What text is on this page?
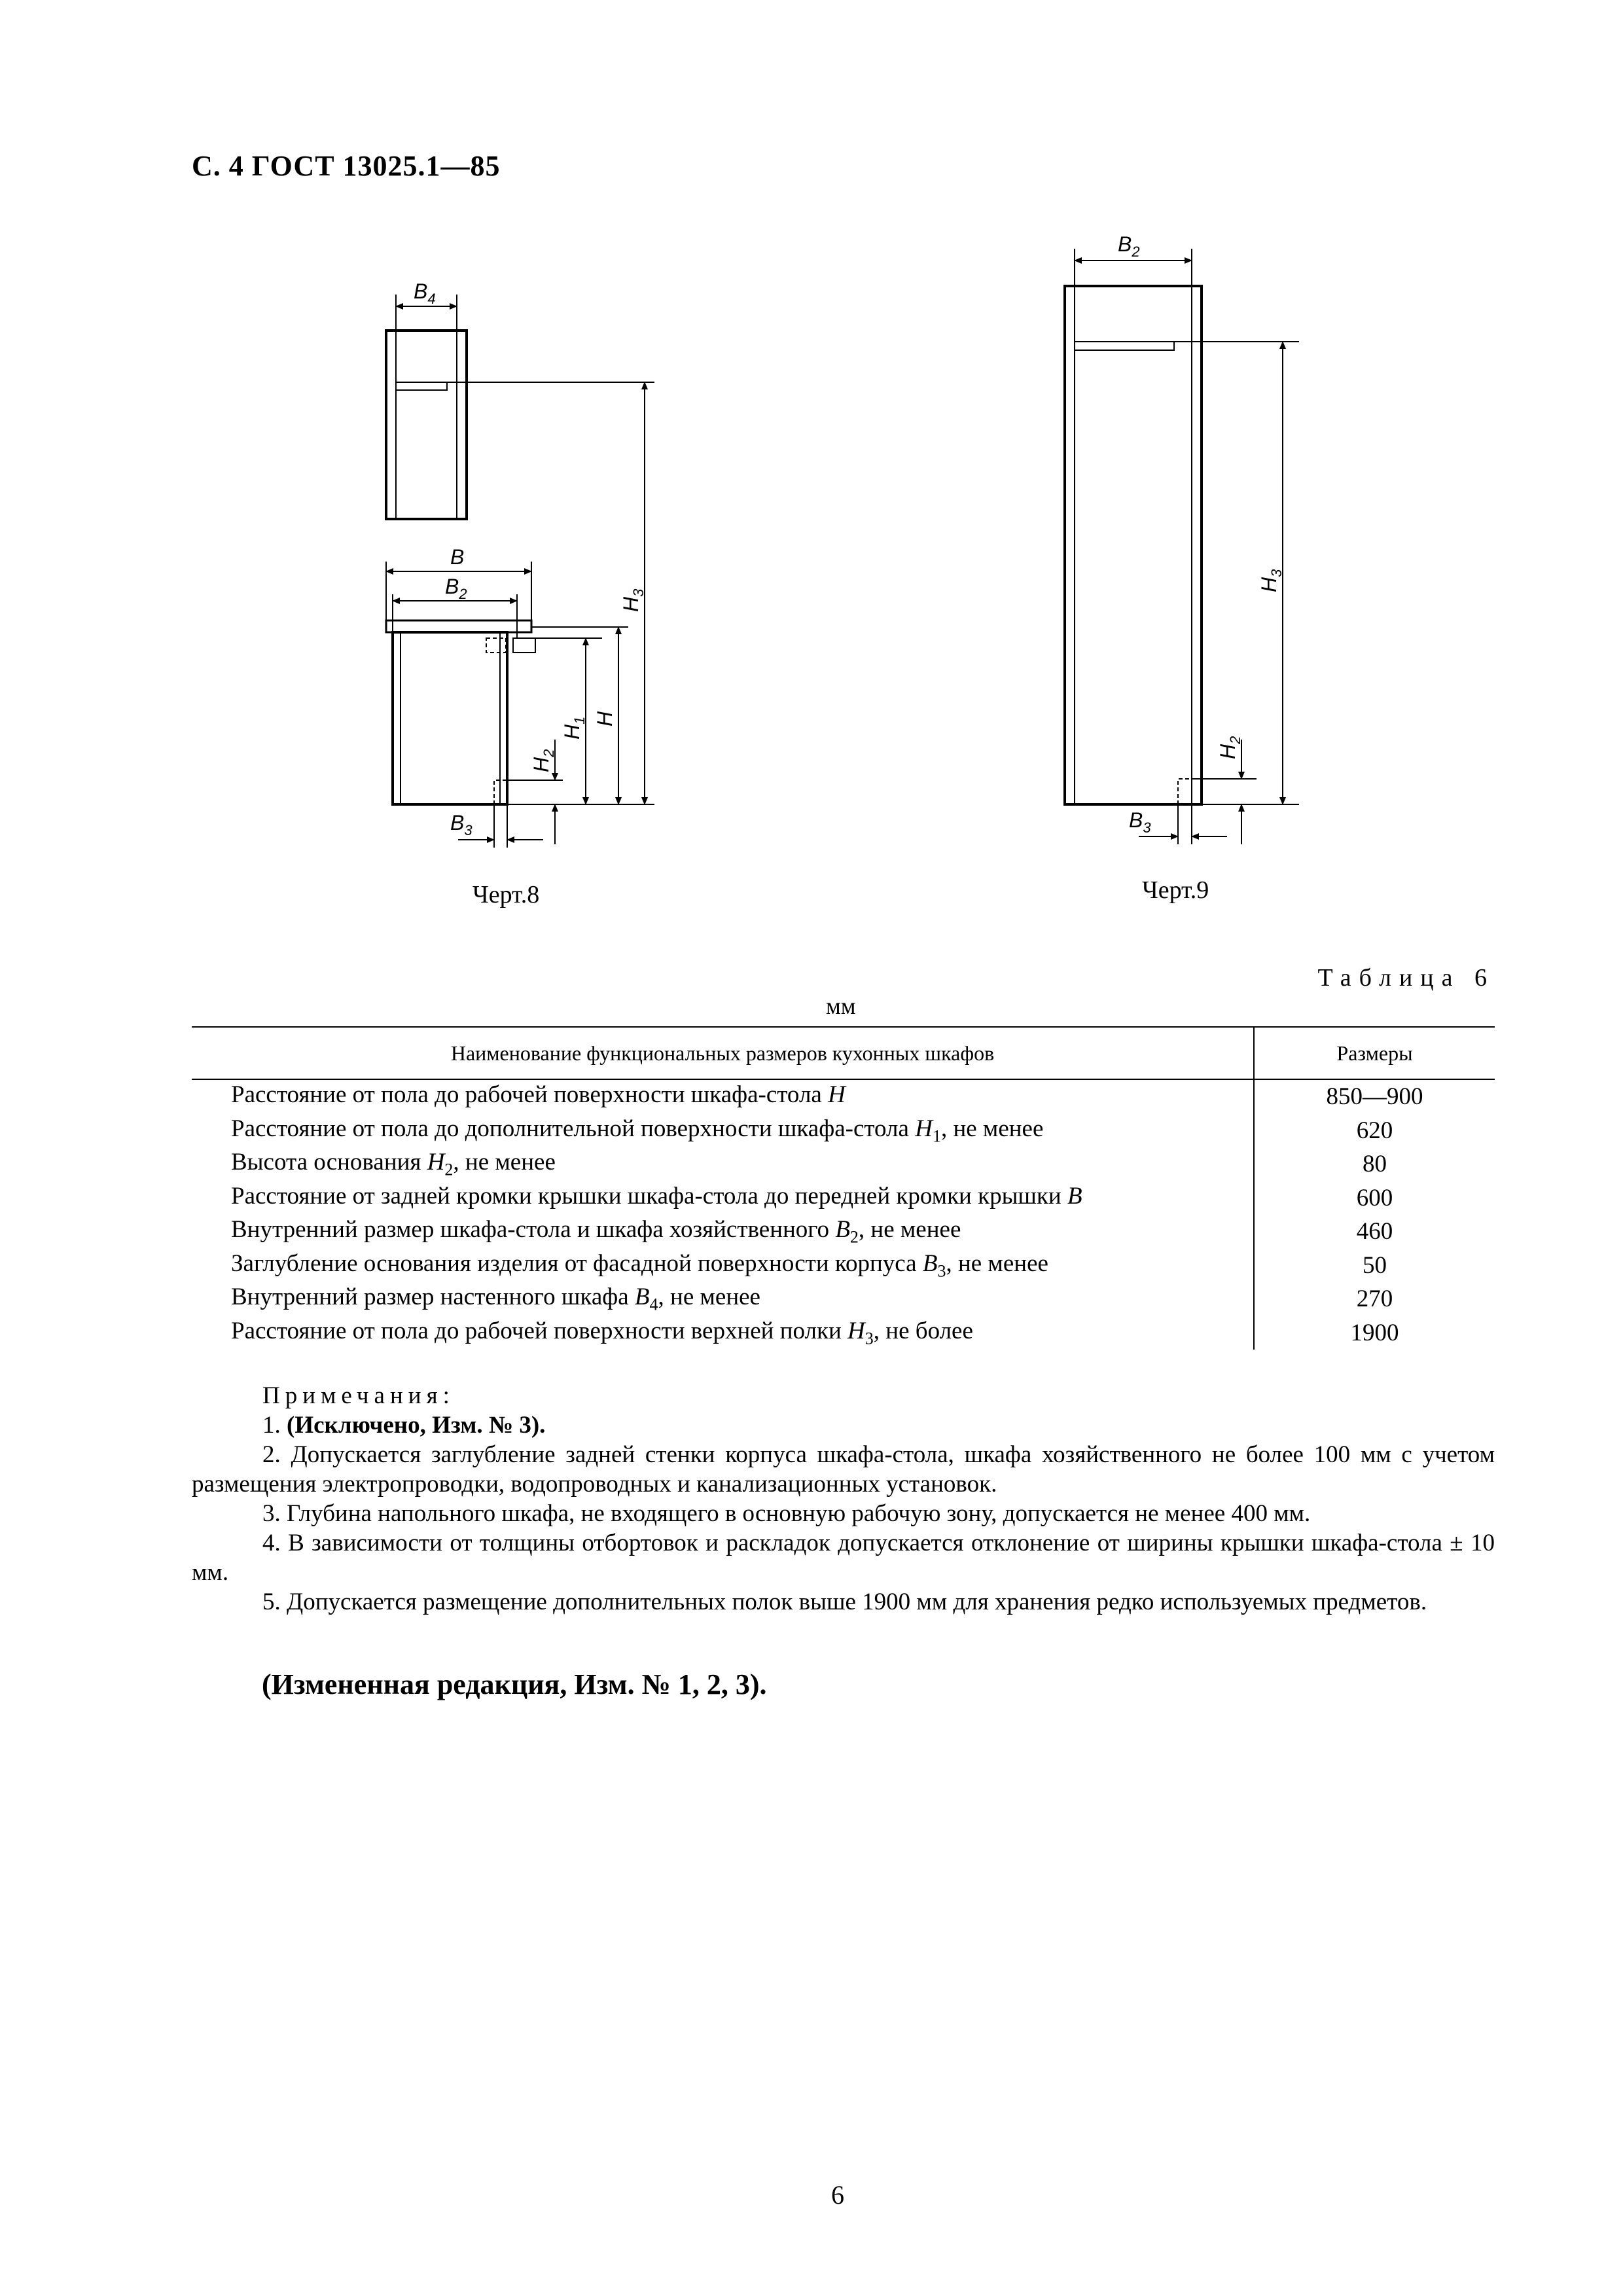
С. 4 ГОСТ 13025.1—85
$B_4$
B
$B_2$
$H_3$
H
$H_1$
$H_2$
$B_3$
$B_2$
$H_3$
$H_2$
$B_3$
Черт.8	Черт.9
Таблица 6
мм
Наименование функциональных размеров кухонных шкафов	Размеры
Расстояние от пола до рабочей поверхности шкафа-стола H	850—900
Расстояние от пола до дополнительной поверхности шкафа-стола $H_1$, не менее	620
Высота основания $H_2$, не менее	80
Расстояние от задней кромки крышки шкафа-стола до передней кромки крышки B	600
Внутренний размер шкафа-стола и шкафа хозяйственного $B_2$, не менее	460
Заглубление основания изделия от фасадной поверхности корпуса $B_3$, не менее	50
Внутренний размер настенного шкафа $B_4$, не менее	270
Расстояние от пола до рабочей поверхности верхней полки $H_3$, не более	1900

Примечания:

1. (Исключено, Изм. № 3).

2. Допускается заглубление задней стенки корпуса шкафа-стола, шкафа хозяйственного не более 100 мм с учетом размещения электропроводки, водопроводных и канализационных установок.

3. Глубина напольного шкафа, не входящего в основную рабочую зону, допускается не менее 400 мм.

4. В зависимости от толщины отбортовок и раскладок допускается отклонение от ширины крышки шкафа-стола ± 10 мм.

5. Допускается размещение дополнительных полок выше 1900 мм для хранения редко используемых предметов.

(Измененная редакция, Изм. № 1, 2, 3).
6
